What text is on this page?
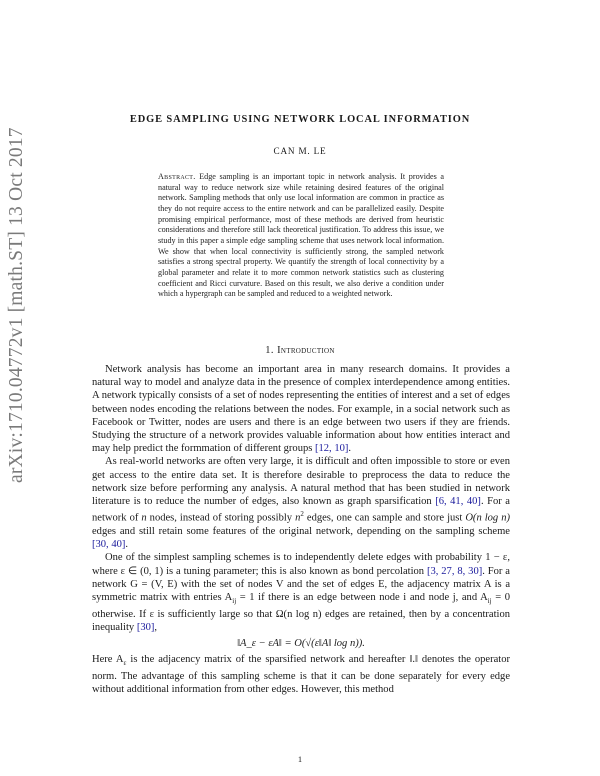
arXiv:1710.04772v1 [math.ST] 13 Oct 2017
EDGE SAMPLING USING NETWORK LOCAL INFORMATION
CAN M. LE
Abstract. Edge sampling is an important topic in network analysis. It provides a natural way to reduce network size while retaining desired features of the original network. Sampling methods that only use local information are common in practice as they do not require access to the entire network and can be parallelized easily. Despite promising empirical performance, most of these methods are derived from heuristic considerations and therefore still lack theoretical justification. To address this issue, we study in this paper a simple edge sampling scheme that uses network local information. We show that when local connectivity is sufficiently strong, the sampled network satisfies a strong spectral property. We quantify the strength of local connectivity by a global parameter and relate it to more common network statistics such as clustering coefficient and Ricci curvature. Based on this result, we also derive a condition under which a hypergraph can be sampled and reduced to a weighted network.
1. Introduction

Network analysis has become an important area in many research domains. It provides a natural way to model and analyze data in the presence of complex interdependence among entities. A network typically consists of a set of nodes representing the entities of interest and a set of edges between nodes encoding the relations between the nodes. For example, in a social network such as Facebook or Twitter, nodes are users and there is an edge between two users if they are friends. Studying the structure of a network provides valuable information about how entities interact and may help predict the formmation of different groups [12, 10].

As real-world networks are often very large, it is difficult and often impossible to store or even get access to the entire data set. It is therefore desirable to preprocess the data to reduce the network size before performing any analysis. A natural method that has been studied in network literature is to reduce the number of edges, also known as graph sparsification [6, 41, 40]. For a network of n nodes, instead of storing possibly $n^2$ edges, one can sample and store just O(n log n) edges and still retain some features of the original network, depending on the sampling scheme [30, 40].

One of the simplest sampling schemes is to independently delete edges with probability 1 − ε, where ε ∈ (0, 1) is a tuning parameter; this is also known as bond percolation [3, 27, 8, 30]. For a network G = (V, E) with the set of nodes V and the set of edges E, the adjacency matrix A is a symmetric matrix with entries $A_{ij} = 1$ if there is an edge between node i and node j, and $A_{ij} = 0$ otherwise. If ε is sufficiently large so that Ω(n log n) edges are retained, then by a concentration inequality [30],

‖A_ε − εA‖ = O(√(ε‖A‖ log n)).

Here $A_\varepsilon$ is the adjacency matrix of the sparsified network and hereafter ‖.‖ denotes the operator norm. The advantage of this sampling scheme is that it can be done separately for every edge without additional information from other edges. However, this method

1
